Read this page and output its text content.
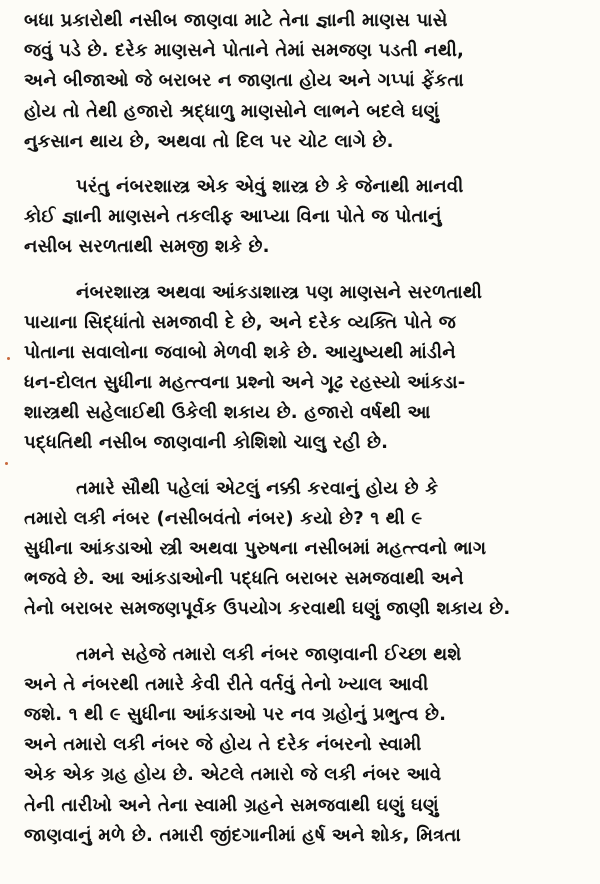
બધા પ્રકારોથી નસીબ જાણવા માટે તેના જ્ઞાની માણસ પાસે
જવું પડે છે. દરેક માણસને પોતાને તેમાં સમજણ પડતી નથી,
અને બીજાઓ જે બરાબર ન જાણતા હોય અને ગપ્પાં ફેંકતા
હોય તો તેથી હજારો શ્રદ્ધાળુ માણસોને લાભને બદલે ઘણું
નુકસાન થાય છે, અથવા તો દિલ પર ચોટ લાગે છે.
પરંતુ નંબરશાસ્ત્ર એક એવું શાસ્ત્ર છે કે જેનાથી માનવી
કોઈ જ્ઞાની માણસને તકલીફ આપ્યા વિના પોતે જ પોતાનું
નસીબ સરળતાથી સમજી શકે છે.
નંબરશાસ્ત્ર અથવા આંકડાશાસ્ત્ર પણ માણસને સરળતાથી
પાયાના સિદ્ધાંતો સમજાવી દે છે, અને દરેક વ્યક્તિ પોતે જ
પોતાના સવાલોના જવાબો મેળવી શકે છે. આયુષ્યથી માંડીને
ધન-દોલત સુધીના મહત્ત્વના પ્રશ્નો અને ગૂઢ રહસ્યો આંકડા-
શાસ્ત્રથી સહેલાઈથી ઉકેલી શકાય છે. હજારો વર્ષથી આ
પદ્ધતિથી નસીબ જાણવાની કોશિશો ચાલુ રહી છે.
તમારે સૌથી પહેલાં એટલું નક્કી કરવાનું હોય છે કે
તમારો લકી નંબર (નસીબવંતો નંબર) કયો છે? ૧ થી ૯
સુધીના આંકડાઓ સ્ત્રી અથવા પુરુષના નસીબમાં મહત્ત્વનો ભાગ
ભજવે છે. આ આંકડાઓની પદ્ધતિ બરાબર સમજવાથી અને
તેનો બરાબર સમજણપૂર્વક ઉપયોગ કરવાથી ઘણું જાણી શકાય છે.
તમને સહેજે તમારો લકી નંબર જાણવાની ઈચ્છા થશે
અને તે નંબરથી તમારે કેવી રીતે વર્તવું તેનો ખ્યાલ આવી
જશે. ૧ થી ૯ સુધીના આંકડાઓ પર નવ ગ્રહોનું પ્રભુત્વ છે.
અને તમારો લકી નંબર જે હોય તે દરેક નંબરનો સ્વામી
એક એક ગ્રહ હોય છે. એટલે તમારો જે લકી નંબર આવે
તેની તારીખો અને તેના સ્વામી ગ્રહને સમજવાથી ઘણું ઘણું
જાણવાનું મળે છે. તમારી જીંદગાનીમાં હર્ષ અને શોક, મિત્રતા
